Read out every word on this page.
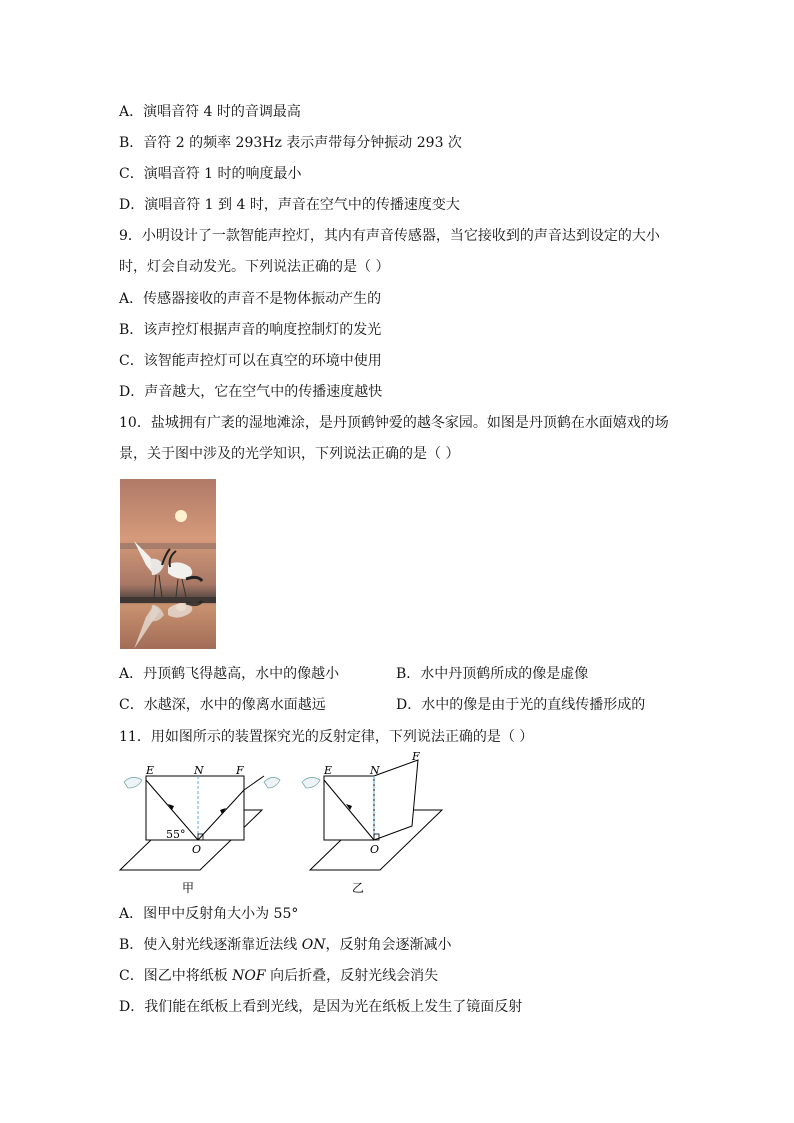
A．演唱音符 4 时的音调最高
B．音符 2 的频率 293Hz 表示声带每分钟振动 293 次
C．演唱音符 1 时的响度最小
D．演唱音符 1 到 4 时，声音在空气中的传播速度变大
9．小明设计了一款智能声控灯，其内有声音传感器，当它接收到的声音达到设定的大小时，灯会自动发光。下列说法正确的是（ ）
A．传感器接收的声音不是物体振动产生的
B．该声控灯根据声音的响度控制灯的发光
C．该智能声控灯可以在真空的环境中使用
D．声音越大，它在空气中的传播速度越快
10．盐城拥有广袤的湿地滩涂，是丹顶鹤钟爱的越冬家园。如图是丹顶鹤在水面嬉戏的场景，关于图中涉及的光学知识，下列说法正确的是（ ）
A．丹顶鹤飞得越高，水中的像越小	B．水中丹顶鹤所成的像是虚像
C．水越深，水中的像离水面越远	D．水中的像是由于光的直线传播形成的
11．用如图所示的装置探究光的反射定律，下列说法正确的是（ ）
E	N	F
55°
O
甲
E	N
F
O
乙
A．图甲中反射角大小为 55°
B．使入射光线逐渐靠近法线 ON，反射角会逐渐减小
C．图乙中将纸板 NOF 向后折叠，反射光线会消失
D．我们能在纸板上看到光线，是因为光在纸板上发生了镜面反射
